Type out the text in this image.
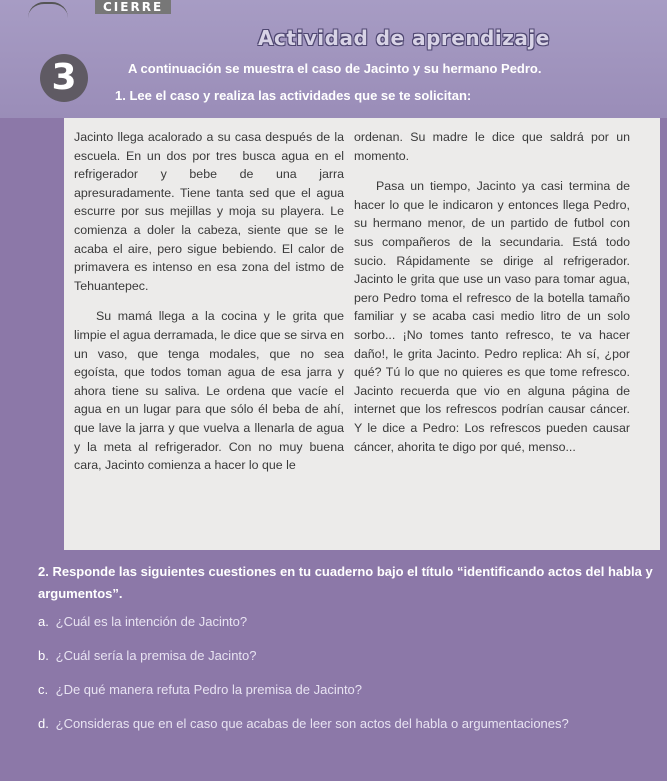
CIERRE
Actividad de aprendizaje
3	A continuación se muestra el caso de Jacinto y su hermano Pedro.
1. Lee el caso y realiza las actividades que se te solicitan:

Jacinto llega acalorado a su casa después de la escuela. En un dos por tres busca agua en el refrigerador y bebe de una jarra apresuradamente. Tiene tanta sed que el agua escurre por sus mejillas y moja su playera. Le comienza a doler la cabeza, siente que se le acaba el aire, pero sigue bebiendo. El calor de primavera es intenso en esa zona del istmo de Tehuantepec.

Su mamá llega a la cocina y le grita que limpie el agua derramada, le dice que se sirva en un vaso, que tenga modales, que no sea egoísta, que todos toman agua de esa jarra y ahora tiene su saliva. Le ordena que vacíe el agua en un lugar para que sólo él beba de ahí, que lave la jarra y que vuelva a llenarla de agua y la meta al refrigerador. Con no muy buena cara, Jacinto comienza a hacer lo que le

ordenan. Su madre le dice que saldrá por un momento.

Pasa un tiempo, Jacinto ya casi termina de hacer lo que le indicaron y entonces llega Pedro, su hermano menor, de un partido de futbol con sus compañeros de la secundaria. Está todo sucio. Rápidamente se dirige al refrigerador. Jacinto le grita que use un vaso para tomar agua, pero Pedro toma el refresco de la botella tamaño familiar y se acaba casi medio litro de un solo sorbo... ¡No tomes tanto refresco, te va hacer daño!, le grita Jacinto. Pedro replica: Ah sí, ¿por qué? Tú lo que no quieres es que tome refresco. Jacinto recuerda que vio en alguna página de internet que los refrescos podrían causar cáncer. Y le dice a Pedro: Los refrescos pueden causar cáncer, ahorita te digo por qué, menso...

2. Responde las siguientes cuestiones en tu cuaderno bajo el título “identificando actos del habla y argumentos”.

a. ¿Cuál es la intención de Jacinto?
b. ¿Cuál sería la premisa de Jacinto?
c. ¿De qué manera refuta Pedro la premisa de Jacinto?
d. ¿Consideras que en el caso que acabas de leer son actos del habla o argumentaciones?
